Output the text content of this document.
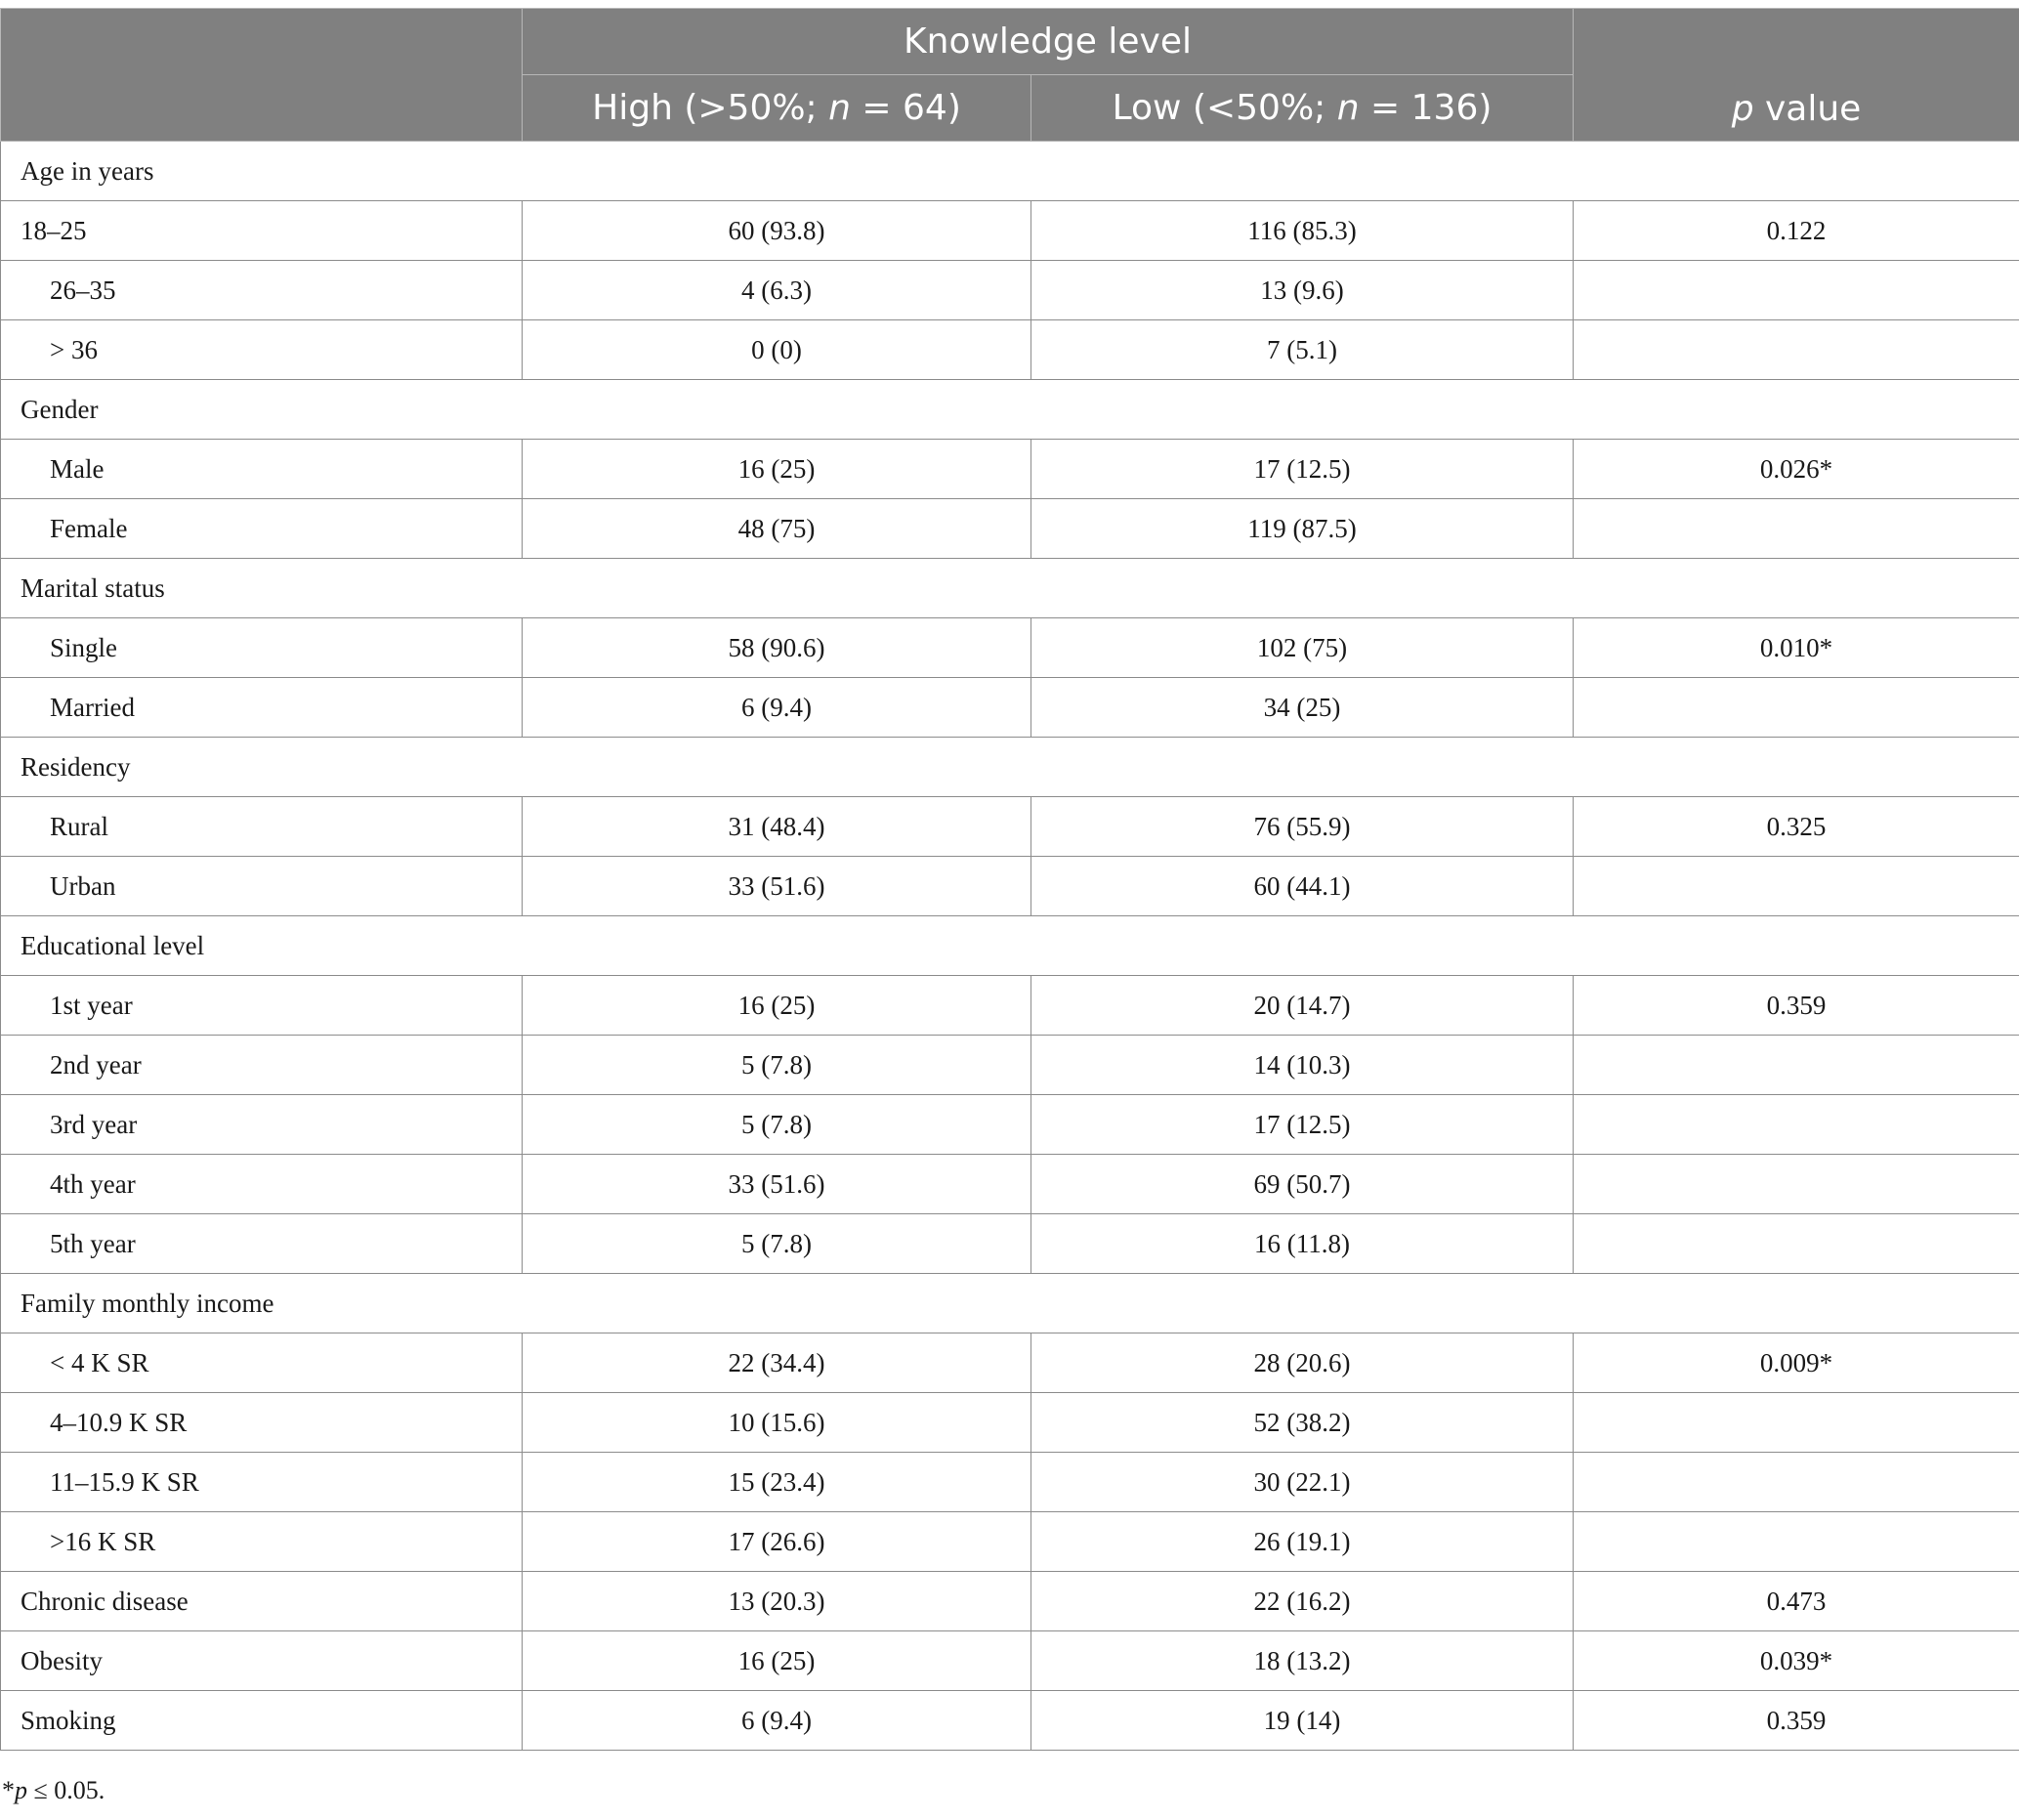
	Knowledge level		p value
	High (>50%; n = 64)	Low (<50%; n = 136)	
Age in years			
18–25	60 (93.8)	116 (85.3)	0.122
26–35	4 (6.3)	13 (9.6)	
> 36	0 (0)	7 (5.1)	
Gender			
Male	16 (25)	17 (12.5)	0.026*
Female	48 (75)	119 (87.5)	
Marital status			
Single	58 (90.6)	102 (75)	0.010*
Married	6 (9.4)	34 (25)	
Residency			
Rural	31 (48.4)	76 (55.9)	0.325
Urban	33 (51.6)	60 (44.1)	
Educational level			
1st year	16 (25)	20 (14.7)	0.359
2nd year	5 (7.8)	14 (10.3)	
3rd year	5 (7.8)	17 (12.5)	
4th year	33 (51.6)	69 (50.7)	
5th year	5 (7.8)	16 (11.8)	
Family monthly income			
< 4 K SR	22 (34.4)	28 (20.6)	0.009*
4–10.9 K SR	10 (15.6)	52 (38.2)	
11–15.9 K SR	15 (23.4)	30 (22.1)	
>16 K SR	17 (26.6)	26 (19.1)	
Chronic disease	13 (20.3)	22 (16.2)	0.473
Obesity	16 (25)	18 (13.2)	0.039*
Smoking	6 (9.4)	19 (14)	0.359
*p ≤ 0.05.
